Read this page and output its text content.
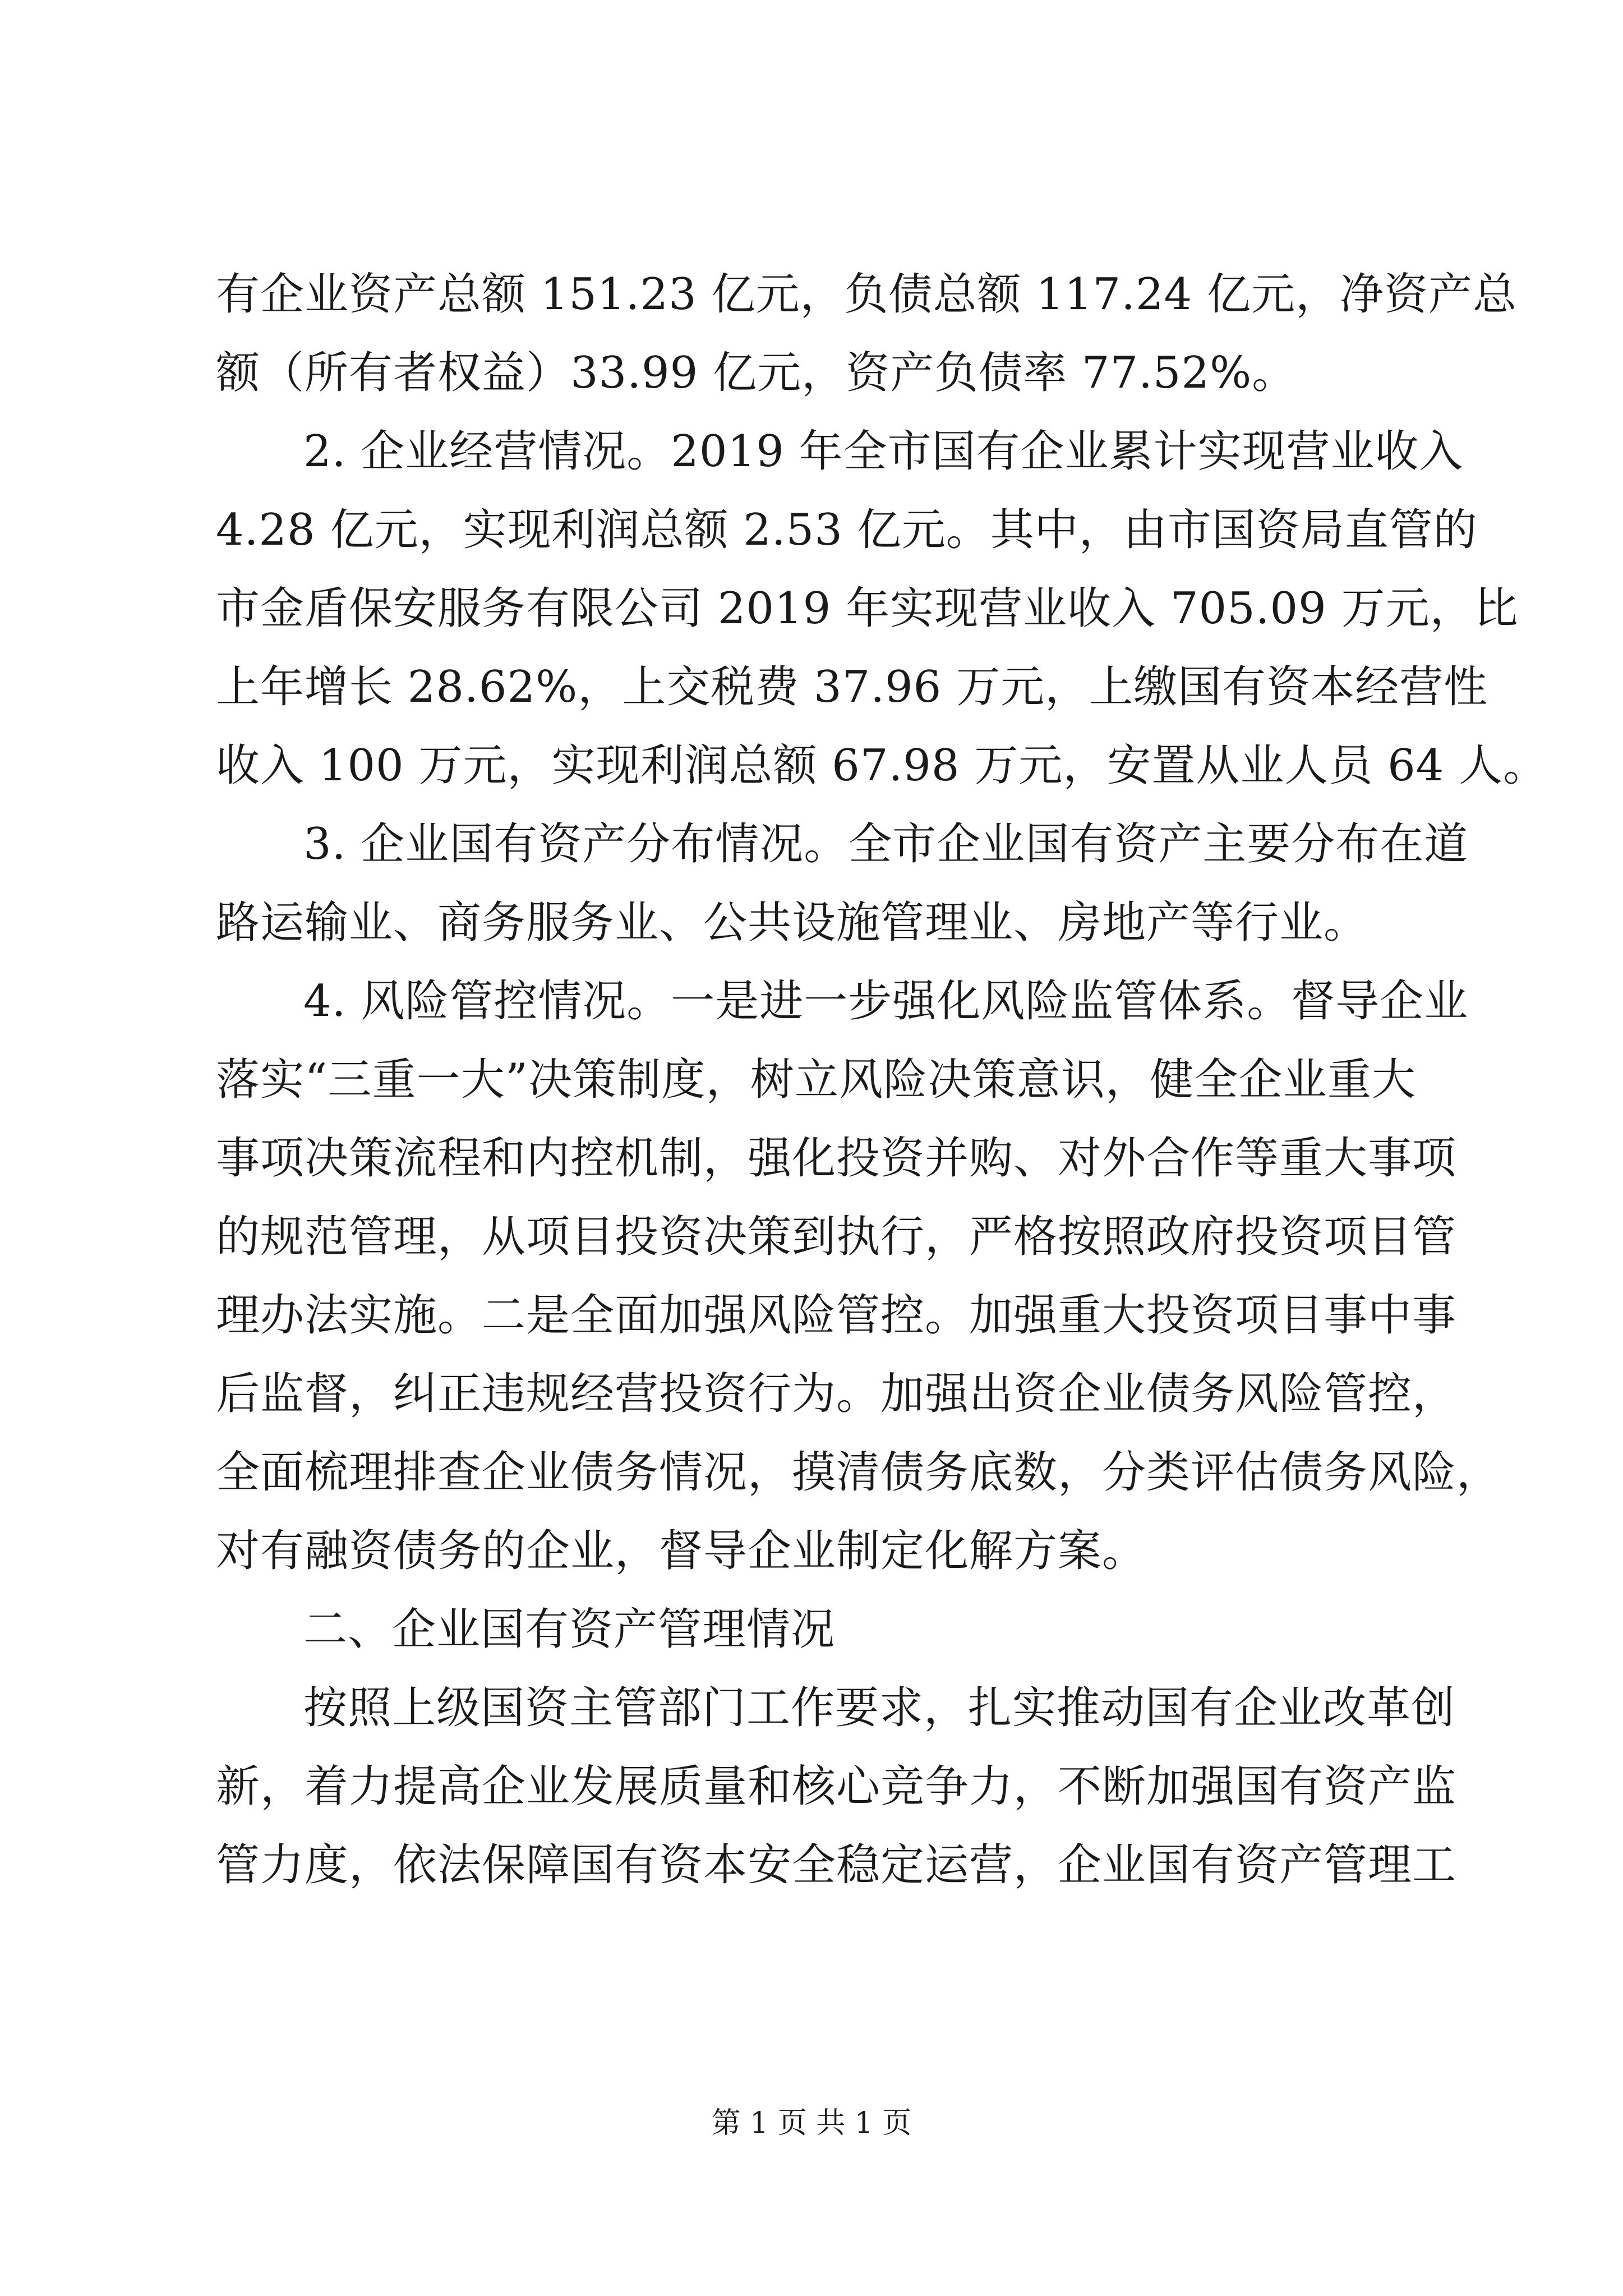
有企业资产总额 151.23 亿元，负债总额 117.24 亿元，净资产总
额（所有者权益）33.99 亿元，资产负债率 77.52%。
2. 企业经营情况。2019 年全市国有企业累计实现营业收入
4.28 亿元，实现利润总额 2.53 亿元。其中，由市国资局直管的
市金盾保安服务有限公司 2019 年实现营业收入 705.09 万元，比
上年增长 28.62%，上交税费 37.96 万元，上缴国有资本经营性
收入 100 万元，实现利润总额 67.98 万元，安置从业人员 64 人。
3. 企业国有资产分布情况。全市企业国有资产主要分布在道
路运输业、商务服务业、公共设施管理业、房地产等行业。
4. 风险管控情况。一是进一步强化风险监管体系。督导企业
落实“三重一大”决策制度，树立风险决策意识，健全企业重大
事项决策流程和内控机制，强化投资并购、对外合作等重大事项
的规范管理，从项目投资决策到执行，严格按照政府投资项目管
理办法实施。二是全面加强风险管控。加强重大投资项目事中事
后监督，纠正违规经营投资行为。加强出资企业债务风险管控，
全面梳理排查企业债务情况，摸清债务底数，分类评估债务风险，
对有融资债务的企业，督导企业制定化解方案。
二、企业国有资产管理情况
按照上级国资主管部门工作要求，扎实推动国有企业改革创
新，着力提高企业发展质量和核心竞争力，不断加强国有资产监
管力度，依法保障国有资本安全稳定运营，企业国有资产管理工
第 1 页 共 1 页
